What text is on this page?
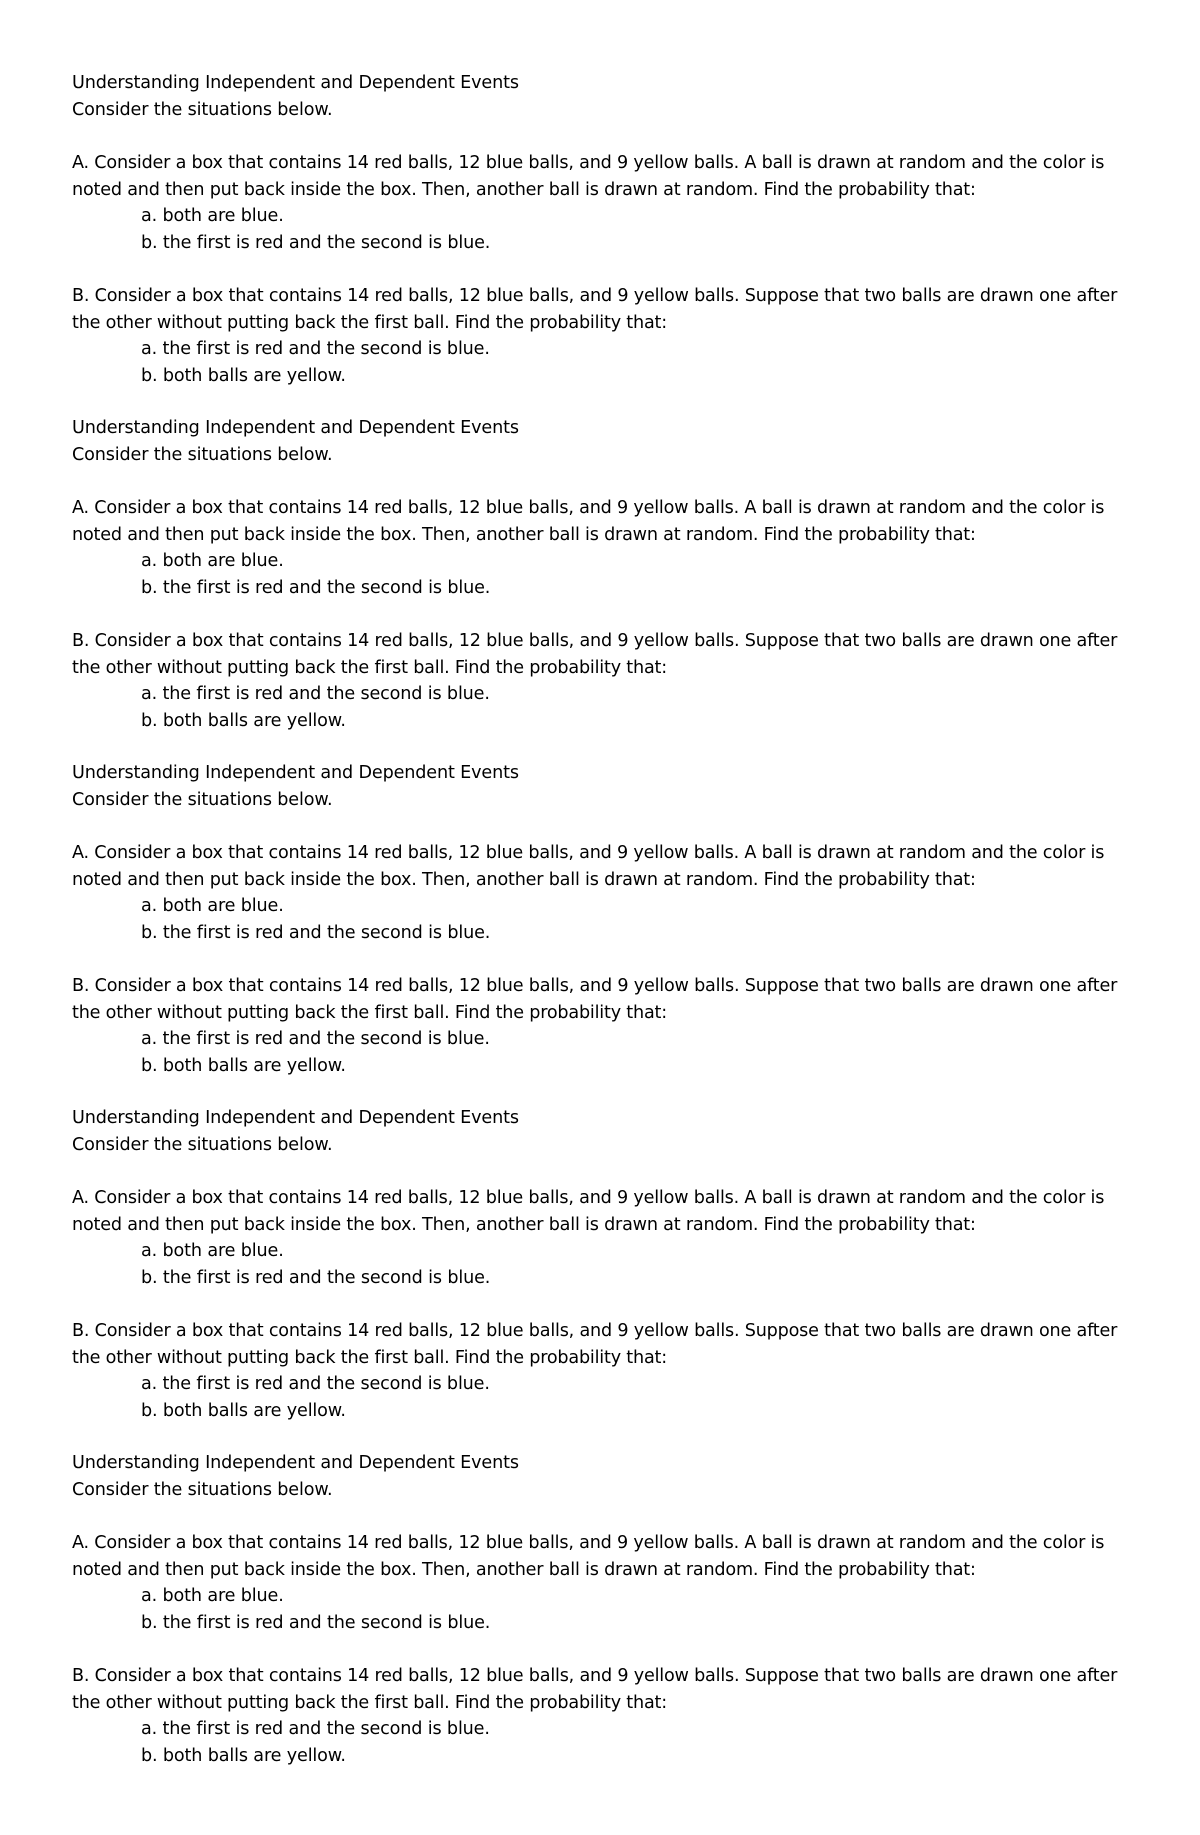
Understanding Independent and Dependent Events

Consider the situations below.

A. Consider a box that contains 14 red balls, 12 blue balls, and 9 yellow balls. A ball is drawn at random and the color is noted and then put back inside the box. Then, another ball is drawn at random. Find the probability that:

a. both are blue.

b. the first is red and the second is blue.

B. Consider a box that contains 14 red balls, 12 blue balls, and 9 yellow balls. Suppose that two balls are drawn one after the other without putting back the first ball. Find the probability that:

a. the first is red and the second is blue.

b. both balls are yellow.

Understanding Independent and Dependent Events

Consider the situations below.

A. Consider a box that contains 14 red balls, 12 blue balls, and 9 yellow balls. A ball is drawn at random and the color is noted and then put back inside the box. Then, another ball is drawn at random. Find the probability that:

a. both are blue.

b. the first is red and the second is blue.

B. Consider a box that contains 14 red balls, 12 blue balls, and 9 yellow balls. Suppose that two balls are drawn one after the other without putting back the first ball. Find the probability that:

a. the first is red and the second is blue.

b. both balls are yellow.

Understanding Independent and Dependent Events

Consider the situations below.

A. Consider a box that contains 14 red balls, 12 blue balls, and 9 yellow balls. A ball is drawn at random and the color is noted and then put back inside the box. Then, another ball is drawn at random. Find the probability that:

a. both are blue.

b. the first is red and the second is blue.

B. Consider a box that contains 14 red balls, 12 blue balls, and 9 yellow balls. Suppose that two balls are drawn one after the other without putting back the first ball. Find the probability that:

a. the first is red and the second is blue.

b. both balls are yellow.

Understanding Independent and Dependent Events

Consider the situations below.

A. Consider a box that contains 14 red balls, 12 blue balls, and 9 yellow balls. A ball is drawn at random and the color is noted and then put back inside the box. Then, another ball is drawn at random. Find the probability that:

a. both are blue.

b. the first is red and the second is blue.

B. Consider a box that contains 14 red balls, 12 blue balls, and 9 yellow balls. Suppose that two balls are drawn one after the other without putting back the first ball. Find the probability that:

a. the first is red and the second is blue.

b. both balls are yellow.

Understanding Independent and Dependent Events

Consider the situations below.

A. Consider a box that contains 14 red balls, 12 blue balls, and 9 yellow balls. A ball is drawn at random and the color is noted and then put back inside the box. Then, another ball is drawn at random. Find the probability that:

a. both are blue.

b. the first is red and the second is blue.

B. Consider a box that contains 14 red balls, 12 blue balls, and 9 yellow balls. Suppose that two balls are drawn one after the other without putting back the first ball. Find the probability that:

a. the first is red and the second is blue.

b. both balls are yellow.
